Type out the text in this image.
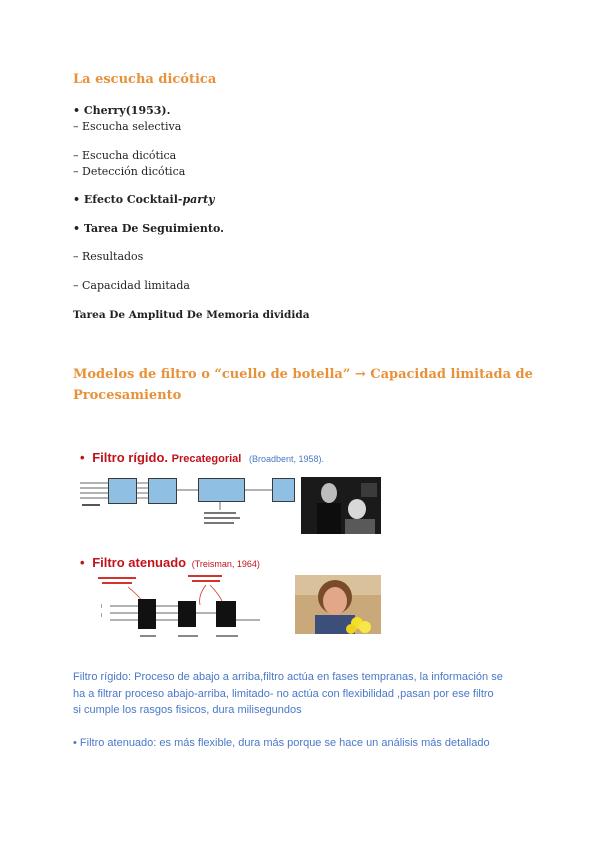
La escucha dicótica
• Cherry(1953).
– Escucha selectiva
– Escucha dicótica
– Detección dicótica
• Efecto Cocktail-party
• Tarea De Seguimiento.
– Resultados
– Capacidad limitada
Tarea De Amplitud De Memoria dividida
Modelos de filtro o “cuello de botella” → Capacidad limitada de
Procesamiento
• Filtro rígido. Precategorial (Broadbent, 1958).
• Filtro atenuado (Treisman, 1964)
I
I
Filtro rígido: Proceso de abajo a arriba,filtro actúa en fases tempranas, la información se
ha a filtrar proceso abajo-arriba, limitado- no actúa con flexibilidad ,pasan por ese filtro
si cumple los rasgos fisicos, dura milisegundos
• Filtro atenuado: es más flexible, dura más porque se hace un análisis más detallado
